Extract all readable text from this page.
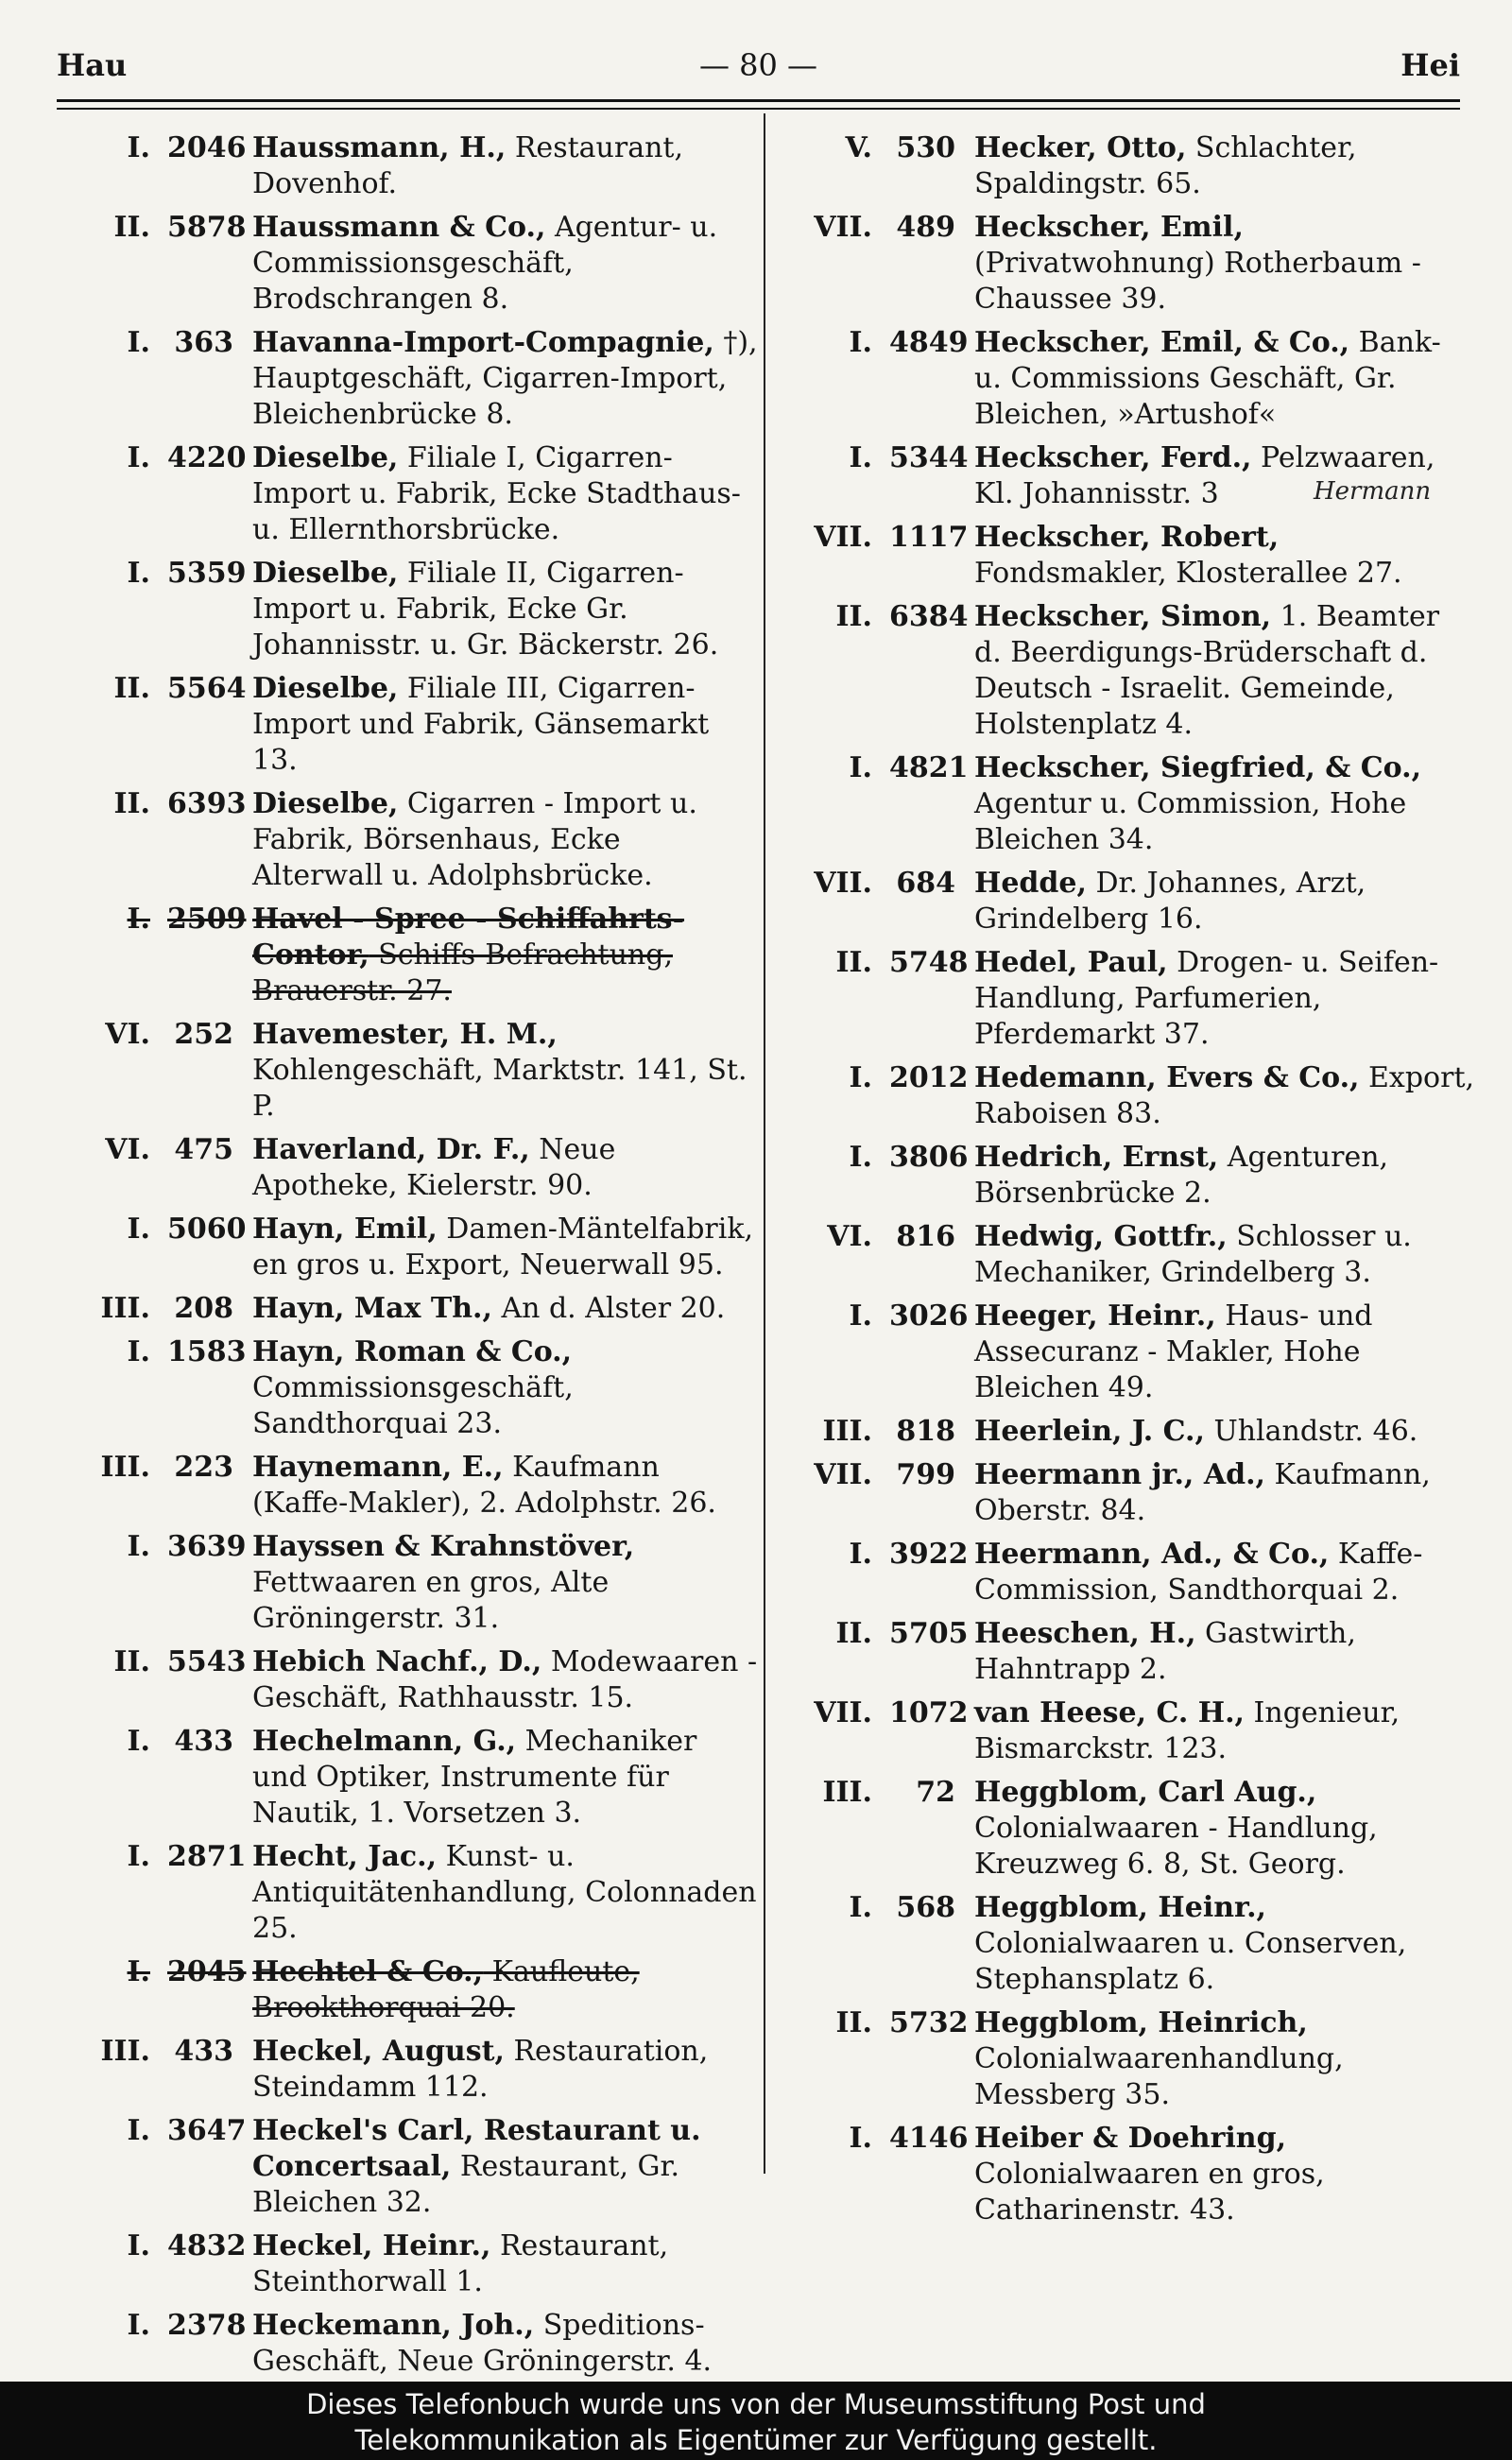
Hau	— 80 —	Hei
I. 2046 Haussmann, H., Restaurant, Dovenhof.
II. 5878 Haussmann & Co., Agentur- u. Commissionsgeschäft, Brodschrangen 8.
I. 363 Havanna-Import-Compagnie, †), Hauptgeschäft, Cigarren-Import, Bleichenbrücke 8.
I. 4220 Dieselbe, Filiale I, Cigarren-Import u. Fabrik, Ecke Stadthaus- u. Ellernthorsbrücke.
I. 5359 Dieselbe, Filiale II, Cigarren-Import u. Fabrik, Ecke Gr. Johannisstr. u. Gr. Bäckerstr. 26.
II. 5564 Dieselbe, Filiale III, Cigarren-Import und Fabrik, Gänsemarkt 13.
II. 6393 Dieselbe, Cigarren - Import u. Fabrik, Börsenhaus, Ecke Alterwall u. Adolphsbrücke.
I. 2509 Havel - Spree - Schiffahrts-Contor, Schiffs-Befrachtung, Brauerstr. 27.
VI. 252 Havemester, H. M., Kohlengeschäft, Marktstr. 141, St. P.
VI. 475 Haverland, Dr. F., Neue Apotheke, Kielerstr. 90.
I. 5060 Hayn, Emil, Damen-Mäntelfabrik, en gros u. Export, Neuerwall 95.
III. 208 Hayn, Max Th., An d. Alster 20.
I. 1583 Hayn, Roman & Co., Commissionsgeschäft, Sandthorquai 23.
III. 223 Haynemann, E., Kaufmann (Kaffe-Makler), 2. Adolphstr. 26.
I. 3639 Hayssen & Krahnstöver, Fettwaaren en gros, Alte Gröningerstr. 31.
II. 5543 Hebich Nachf., D., Modewaaren - Geschäft, Rathhausstr. 15.
I. 433 Hechelmann, G., Mechaniker und Optiker, Instrumente für Nautik, 1. Vorsetzen 3.
I. 2871 Hecht, Jac., Kunst- u. Antiquitätenhandlung, Colonnaden 25.
I. 2045 Hechtel & Co., Kaufleute, Brookthorquai 20.
III. 433 Heckel, August, Restauration, Steindamm 112.
I. 3647 Heckel's Carl, Restaurant u. Concertsaal, Restaurant, Gr. Bleichen 32.
I. 4832 Heckel, Heinr., Restaurant, Steinthorwall 1.
I. 2378 Heckemann, Joh., Speditions-Geschäft, Neue Gröningerstr. 4.
V. 530 Hecker, Otto, Schlachter, Spaldingstr. 65.
VII. 489 Heckscher, Emil, (Privatwohnung) Rotherbaum - Chaussee 39.
I. 4849 Heckscher, Emil, & Co., Bank- u. Commissions Geschäft, Gr. Bleichen, »Artushof«
I. 5344 Heckscher, Ferd., Pelzwaaren, Kl. Johannisstr. 3
VII. 1117 Heckscher, Robert, Fondsmakler, Klosterallee 27.
II. 6384 Heckscher, Simon, 1. Beamter d. Beerdigungs-Brüderschaft d. Deutsch - Israelit. Gemeinde, Holstenplatz 4.
I. 4821 Heckscher, Siegfried, & Co., Agentur u. Commission, Hohe Bleichen 34.
VII. 684 Hedde, Dr. Johannes, Arzt, Grindelberg 16.
II. 5748 Hedel, Paul, Drogen- u. Seifen-Handlung, Parfumerien, Pferdemarkt 37.
I. 2012 Hedemann, Evers & Co., Export, Raboisen 83.
I. 3806 Hedrich, Ernst, Agenturen, Börsenbrücke 2.
VI. 816 Hedwig, Gottfr., Schlosser u. Mechaniker, Grindelberg 3.
I. 3026 Heeger, Heinr., Haus- und Assecuranz - Makler, Hohe Bleichen 49.
III. 818 Heerlein, J. C., Uhlandstr. 46.
VII. 799 Heermann jr., Ad., Kaufmann, Oberstr. 84.
I. 3922 Heermann, Ad., & Co., Kaffe-Commission, Sandthorquai 2.
II. 5705 Heeschen, H., Gastwirth, Hahntrapp 2.
VII. 1072 van Heese, C. H., Ingenieur, Bismarckstr. 123.
III.	72 Heggblom, Carl Aug., Colonialwaaren - Handlung, Kreuzweg 6. 8, St. Georg.
I. 568 Heggblom, Heinr., Colonialwaaren u. Conserven, Stephansplatz 6.
II. 5732 Heggblom, Heinrich, Colonialwaarenhandlung, Messberg 35.
I. 4146 Heiber & Doehring, Colonialwaaren en gros, Catharinenstr. 43.
Hermann
Dieses Telefonbuch wurde uns von der Museumsstiftung Post und
Telekommunikation als Eigentümer zur Verfügung gestellt.
